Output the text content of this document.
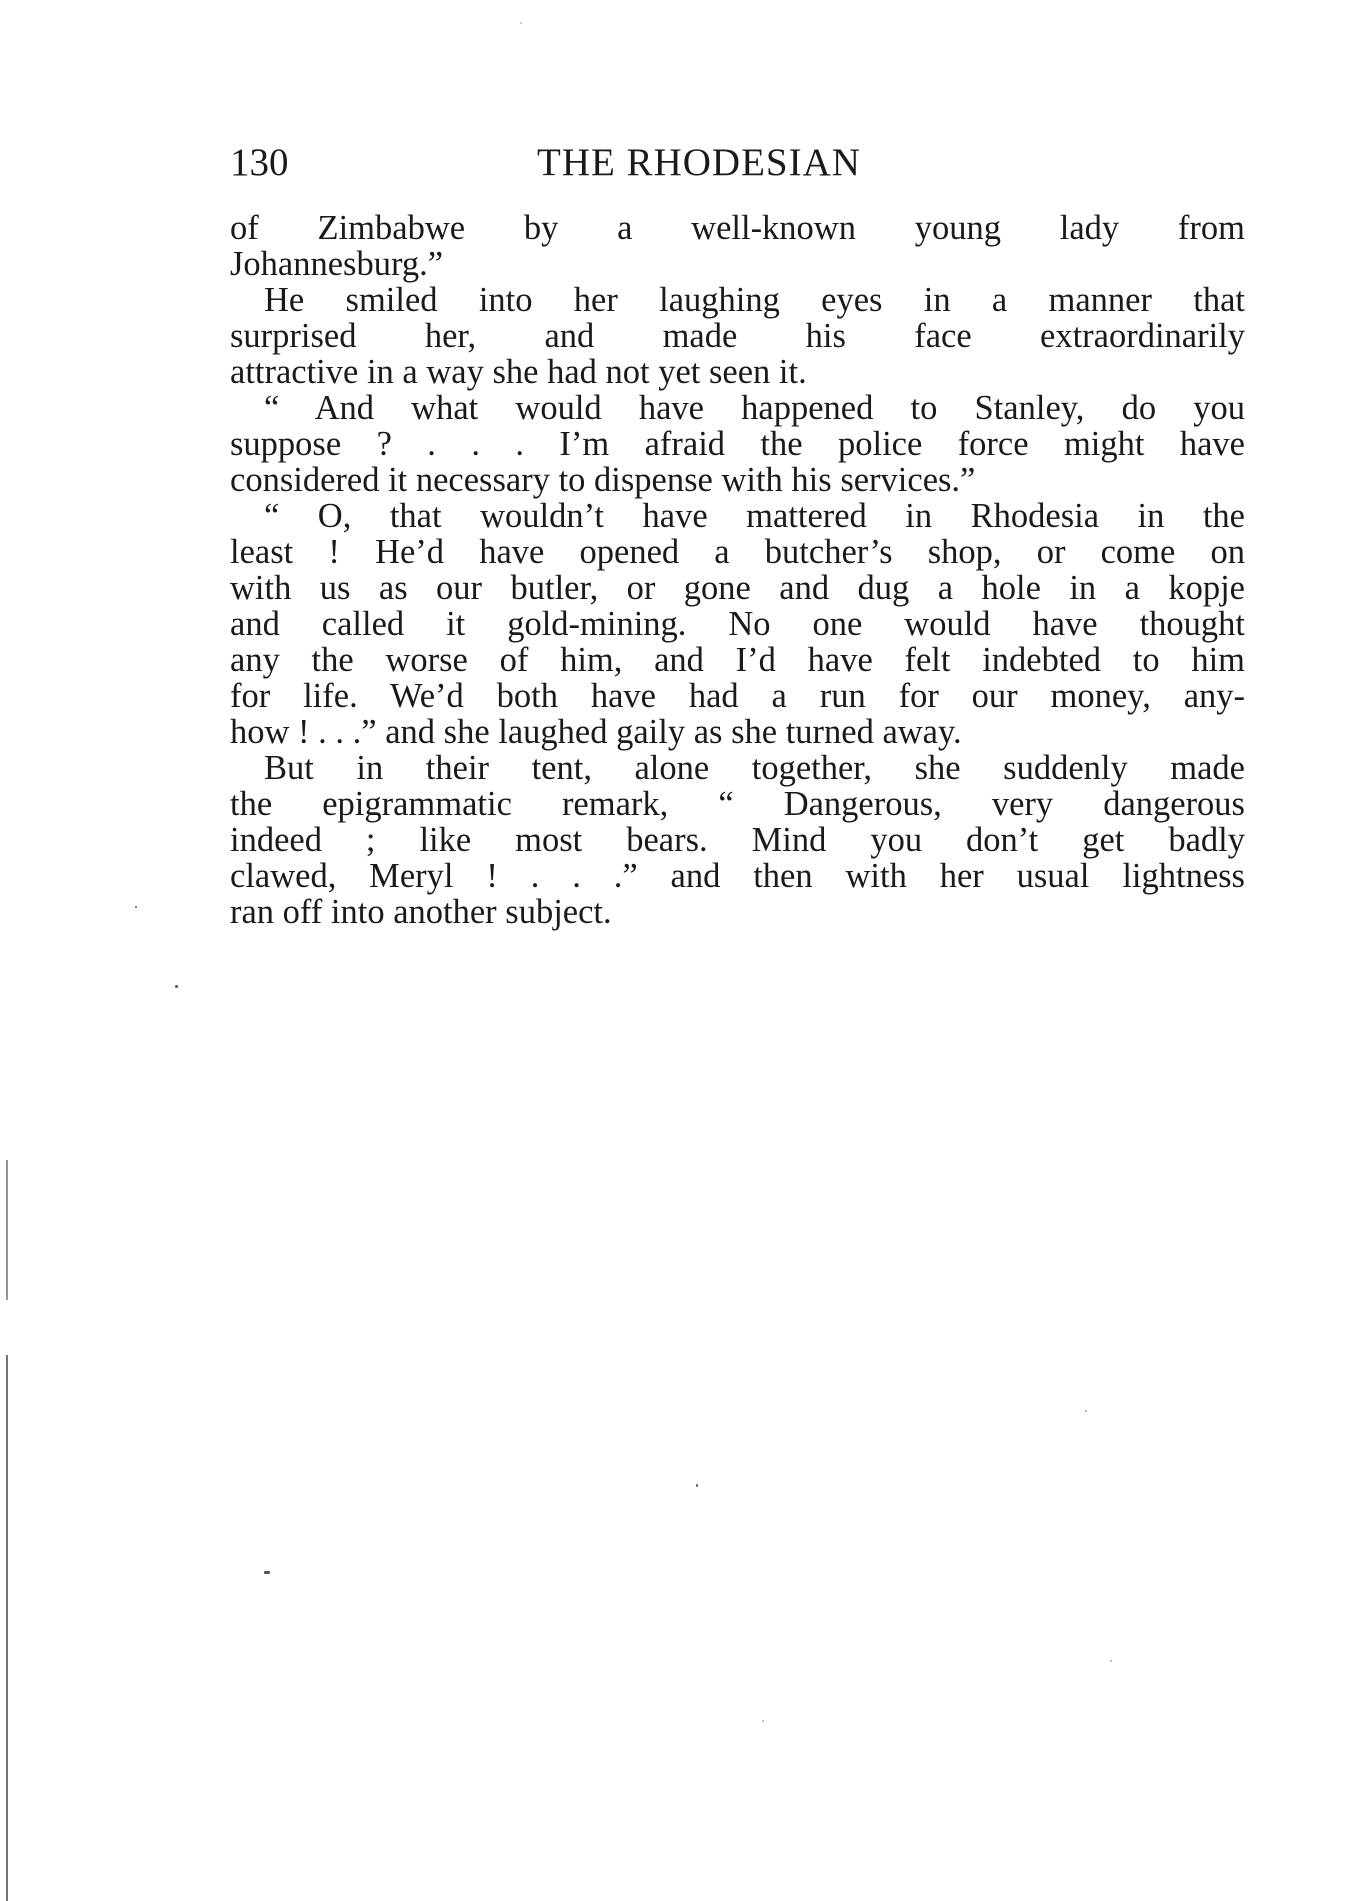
130	THE RHODESIAN

of Zimbabwe by a well-known young lady from
Johannesburg.”

He smiled into her laughing eyes in a manner that
surprised her, and made his face extraordinarily
attractive in a way she had not yet seen it.

“ And what would have happened to Stanley, do you
suppose ? . . . I’m afraid the police force might have
considered it necessary to dispense with his services.”

“ O, that wouldn’t have mattered in Rhodesia in the
least ! He’d have opened a butcher’s shop, or come on
with us as our butler, or gone and dug a hole in a kopje
and called it gold-mining. No one would have thought
any the worse of him, and I’d have felt indebted to him
for life. We’d both have had a run for our money, any-
how ! . . .” and she laughed gaily as she turned away.

But in their tent, alone together, she suddenly made
the epigrammatic remark, “ Dangerous, very dangerous
indeed ; like most bears. Mind you don’t get badly
clawed, Meryl ! . . .” and then with her usual lightness
ran off into another subject.
